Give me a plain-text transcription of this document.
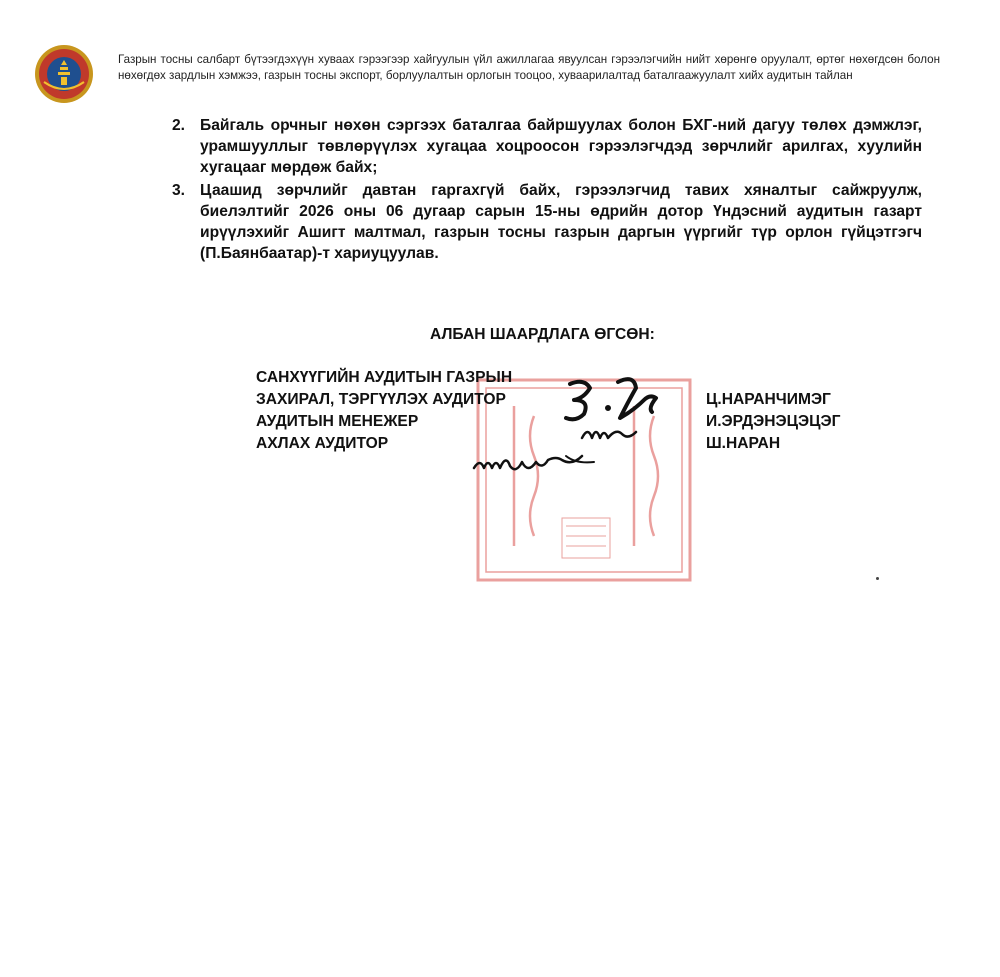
Газрын тосны салбарт бүтээгдэхүүн хуваах гэрээгээр хайгуулын үйл ажиллагаа явуулсан гэрээлэгчийн нийт хөрөнгө оруулалт, өртөг нөхөгдсөн болон нөхөгдөх зардлын хэмжээ, газрын тосны экспорт, борлуулалтын орлогын тооцоо, хуваарилалтад баталгаажуулалт хийх аудитын тайлан
2. Байгаль орчныг нөхөн сэргээх баталгаа байршуулах болон БХГ-ний дагуу төлөх дэмжлэг, урамшууллыг төвлөрүүлэх хугацаа хоцроосон гэрээлэгчдэд зөрчлийг арилгах, хуулийн хугацааг мөрдөж байх;
3. Цаашид зөрчлийг давтан гаргахгүй байх, гэрээлэгчид тавих хяналтыг сайжруулж, биелэлтийг 2026 оны 06 дугаар сарын 15-ны өдрийн дотор Үндэсний аудитын газарт ирүүлэхийг Ашигт малтмал, газрын тосны газрын даргын үүргийг түр орлон гүйцэтгэгч (П.Баянбаатар)-т хариуцуулав.
АЛБАН ШААРДЛАГА ӨГСӨН:
САНХҮҮГИЙН АУДИТЫН ГАЗРЫН
ЗАХИРАЛ, ТЭРГҮҮЛЭХ АУДИТОР	Ц.НАРАНЧИМЭГ
АУДИТЫН МЕНЕЖЕР	И.ЭРДЭНЭЦЭЦЭГ
АХЛАХ АУДИТОР	Ш.НАРАН
